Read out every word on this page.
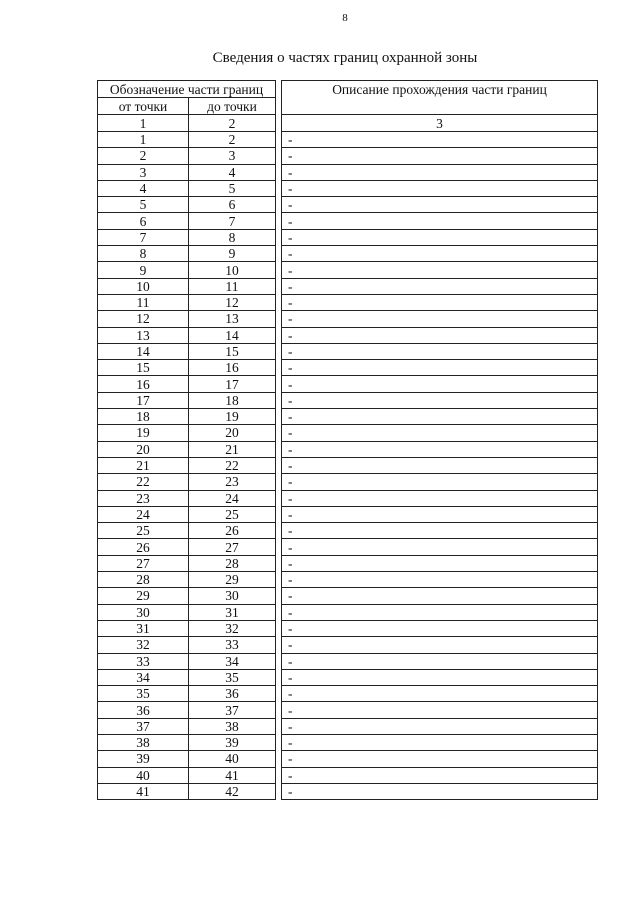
8
Сведения о частях границ охранной зоны
Обозначение части границ			Описание прохождения части границ
от точки	до точки		
1	2		3
1	2		-
2	3		-
3	4		-
4	5		-
5	6		-
6	7		-
7	8		-
8	9		-
9	10		-
10	11		-
11	12		-
12	13		-
13	14		-
14	15		-
15	16		-
16	17		-
17	18		-
18	19		-
19	20		-
20	21		-
21	22		-
22	23		-
23	24		-
24	25		-
25	26		-
26	27		-
27	28		-
28	29		-
29	30		-
30	31		-
31	32		-
32	33		-
33	34		-
34	35		-
35	36		-
36	37		-
37	38		-
38	39		-
39	40		-
40	41		-
41	42		-
